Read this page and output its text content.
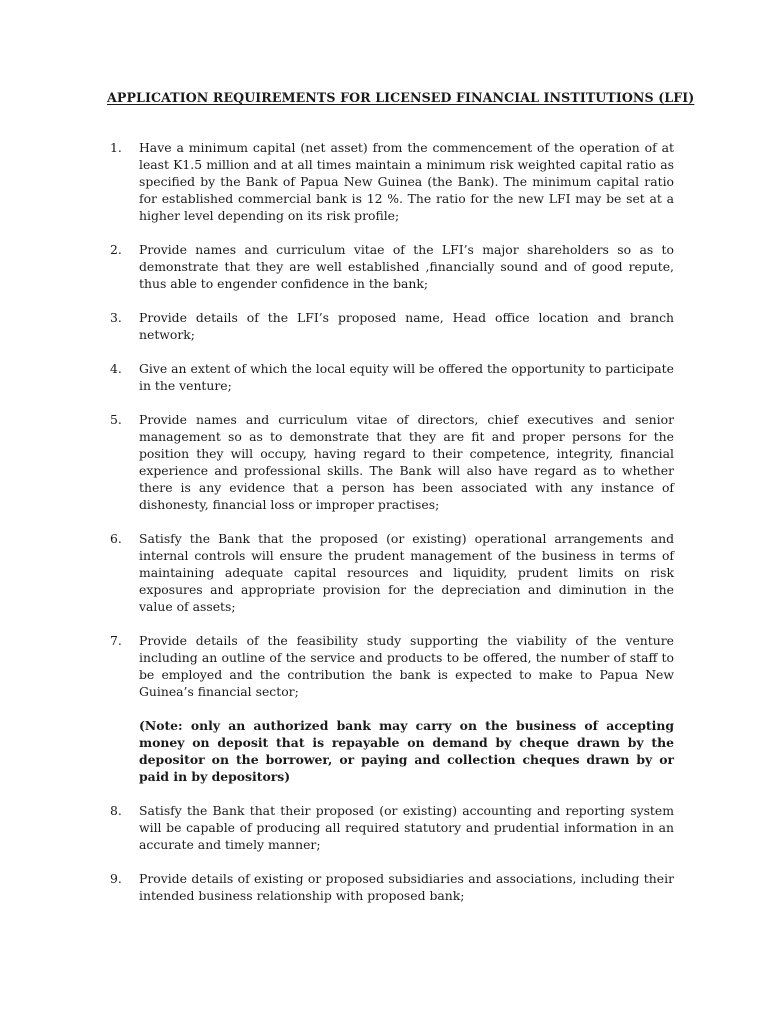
APPLICATION REQUIREMENTS FOR LICENSED FINANCIAL INSTITUTIONS (LFI)
1.	Have a minimum capital (net asset) from the commencement of the operation of at least K1.5 million and at all times maintain a minimum risk weighted capital ratio as specified by the Bank of Papua New Guinea (the Bank). The minimum capital ratio for established commercial bank is 12 %. The ratio for the new LFI may be set at a higher level depending on its risk profile;
2.	Provide names and curriculum vitae of the LFI’s major shareholders so as to demonstrate that they are well established ,financially sound and of good repute, thus able to engender confidence in the bank;
3.	Provide details of the LFI’s proposed name, Head office location and branch network;
4.	Give an extent of which the local equity will be offered the opportunity to participate in the venture;
5.	Provide names and curriculum vitae of directors, chief executives and senior management so as to demonstrate that they are fit and proper persons for the position they will occupy, having regard to their competence, integrity, financial experience and professional skills. The Bank will also have regard as to whether there is any evidence that a person has been associated with any instance of dishonesty, financial loss or improper practises;
6.	Satisfy the Bank that the proposed (or existing) operational arrangements and internal controls will ensure the prudent management of the business in terms of maintaining adequate capital resources and liquidity, prudent limits on risk exposures and appropriate provision for the depreciation and diminution in the value of assets;
7.	Provide details of the feasibility study supporting the viability of the venture including an outline of the service and products to be offered, the number of staff to be employed and the contribution the bank is expected to make to Papua New Guinea’s financial sector;
(Note: only an authorized bank may carry on the business of accepting money on deposit that is repayable on demand by cheque drawn by the depositor on the borrower, or paying and collection cheques drawn by or paid in by depositors)
8.	Satisfy the Bank that their proposed (or existing) accounting and reporting system will be capable of producing all required statutory and prudential information in an accurate and timely manner;
9.	Provide details of existing or proposed subsidiaries and associations, including their intended business relationship with proposed bank;
